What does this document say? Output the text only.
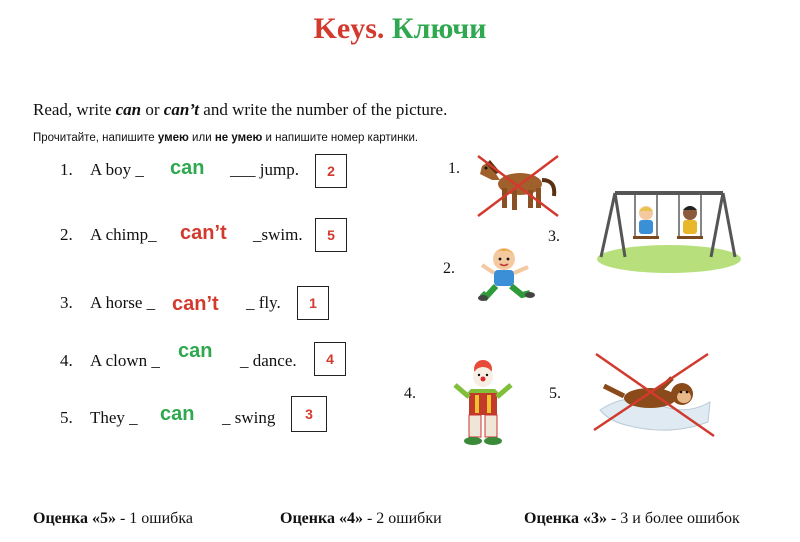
Keys. Ключи
Read, write can or can’t and write the number of the picture.
Прочитайте, напишите умею или не умею и напишите номер картинки.
1. A boy _ can ___ jump.	2
2. A chimp_ can’t _swim.	5
3. A horse _ can’t _ fly.	1
4. A clown _ can _ dance.	4
5. They _ can _ swing	3
1.
2.
3.
4.	5.
Оценка «5» - 1 ошибка	Оценка «4» - 2 ошибки	Оценка «3» - 3 и более ошибок
